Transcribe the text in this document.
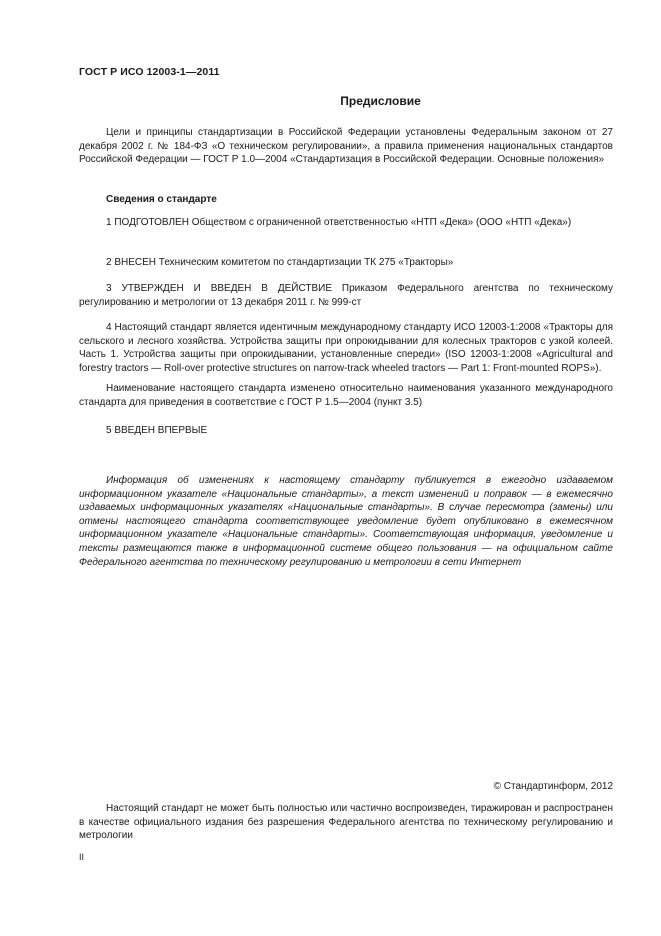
ГОСТ Р ИСО 12003-1—2011
Предисловие

Цели и принципы стандартизации в Российской Федерации установлены Федеральным законом от 27 декабря 2002 г. № 184-ФЗ «О техническом регулировании», а правила применения национальных стандартов Российской Федерации — ГОСТ Р 1.0—2004 «Стандартизация в Российской Федерации. Основные положения»

Сведения о стандарте

1 ПОДГОТОВЛЕН Обществом с ограниченной ответственностью «НТП «Дека» (ООО «НТП «Дека»)

2 ВНЕСЕН Техническим комитетом по стандартизации ТК 275 «Тракторы»

3 УТВЕРЖДЕН И ВВЕДЕН В ДЕЙСТВИЕ Приказом Федерального агентства по техническому регулированию и метрологии от 13 декабря 2011 г. № 999-ст

4 Настоящий стандарт является идентичным международному стандарту ИСО 12003-1:2008 «Тракторы для сельского и лесного хозяйства. Устройства защиты при опрокидывании для колесных тракторов с узкой колеей. Часть 1. Устройства защиты при опрокидывании, установленные спереди» (ISO 12003-1:2008 «Agricultural and forestry tractors — Roll-over protective structures on narrow-track wheeled tractors — Part 1: Front-mounted ROPS»).

Наименование настоящего стандарта изменено относительно наименования указанного международного стандарта для приведения в соответствие с ГОСТ Р 1.5—2004 (пункт 3.5)

5 ВВЕДЕН ВПЕРВЫЕ

Информация об изменениях к настоящему стандарту публикуется в ежегодно издаваемом информационном указателе «Национальные стандарты», а текст изменений и поправок — в ежемесячно издаваемых информационных указателях «Национальные стандарты». В случае пересмотра (замены) или отмены настоящего стандарта соответствующее уведомление будет опубликовано в ежемесячном информационном указателе «Национальные стандарты». Соответствующая информация, уведомление и тексты размещаются также в информационной системе общего пользования — на официальном сайте Федерального агентства по техническому регулированию и метрологии в сети Интернет

© Стандартинформ, 2012

Настоящий стандарт не может быть полностью или частично воспроизведен, тиражирован и распространен в качестве официального издания без разрешения Федерального агентства по техническому регулированию и метрологии

II
